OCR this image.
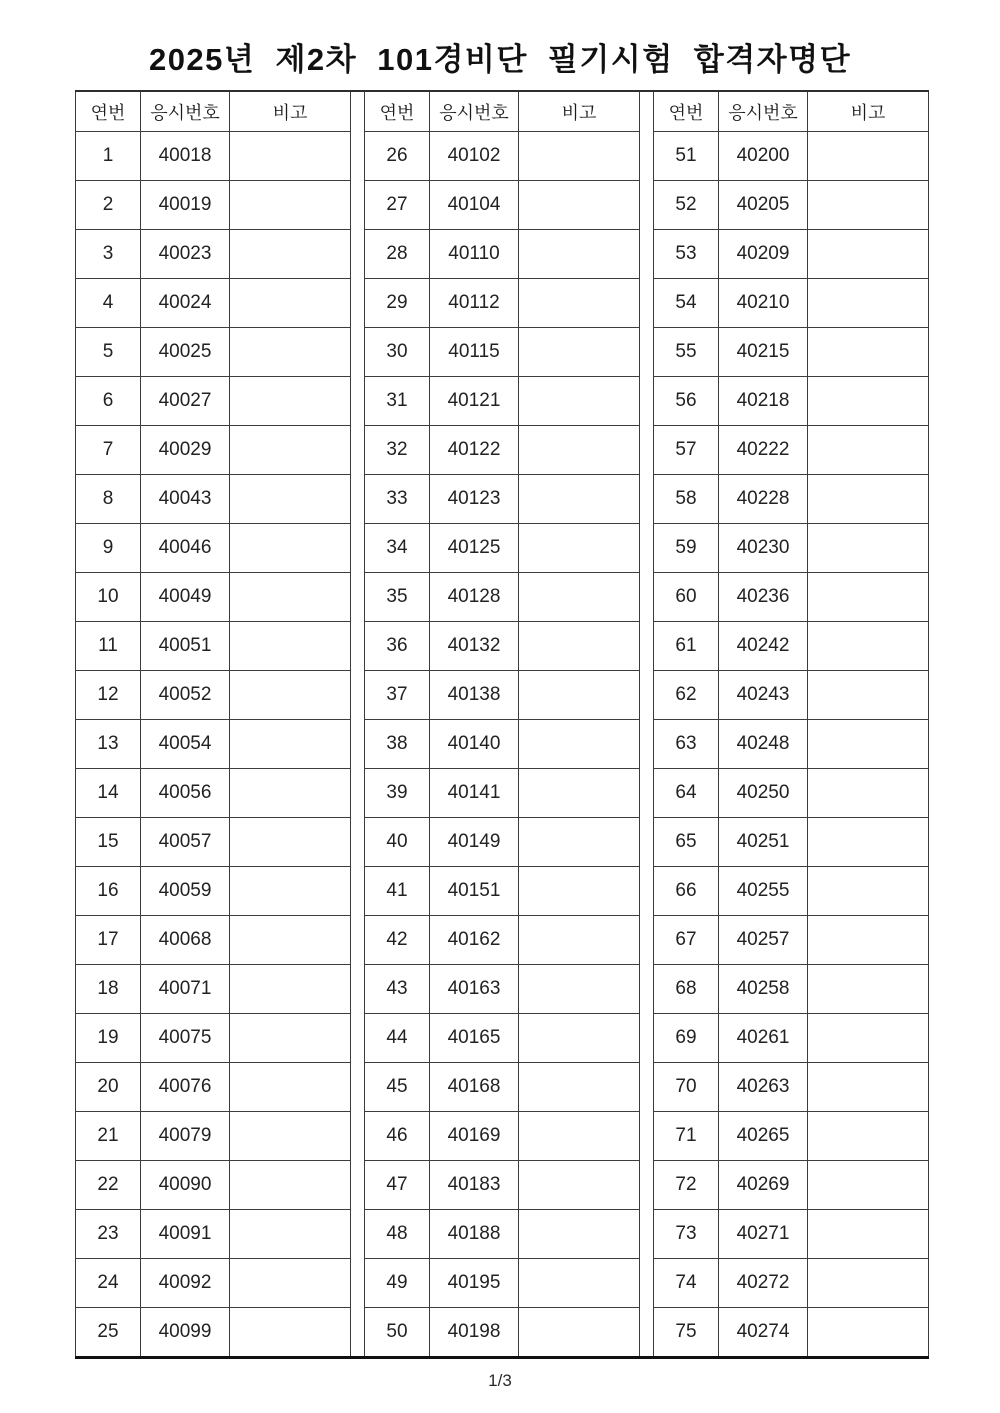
2025년 제2차 101경비단 필기시험 합격자명단
연번	응시번호	비고		연번	응시번호	비고		연번	응시번호	비고
1	40018			26	40102			51	40200	
2	40019			27	40104			52	40205	
3	40023			28	40110			53	40209	
4	40024			29	40112			54	40210	
5	40025			30	40115			55	40215	
6	40027			31	40121			56	40218	
7	40029			32	40122			57	40222	
8	40043			33	40123			58	40228	
9	40046			34	40125			59	40230	
10	40049			35	40128			60	40236	
11	40051			36	40132			61	40242	
12	40052			37	40138			62	40243	
13	40054			38	40140			63	40248	
14	40056			39	40141			64	40250	
15	40057			40	40149			65	40251	
16	40059			41	40151			66	40255	
17	40068			42	40162			67	40257	
18	40071			43	40163			68	40258	
19	40075			44	40165			69	40261	
20	40076			45	40168			70	40263	
21	40079			46	40169			71	40265	
22	40090			47	40183			72	40269	
23	40091			48	40188			73	40271	
24	40092			49	40195			74	40272	
25	40099			50	40198			75	40274	
1/3
